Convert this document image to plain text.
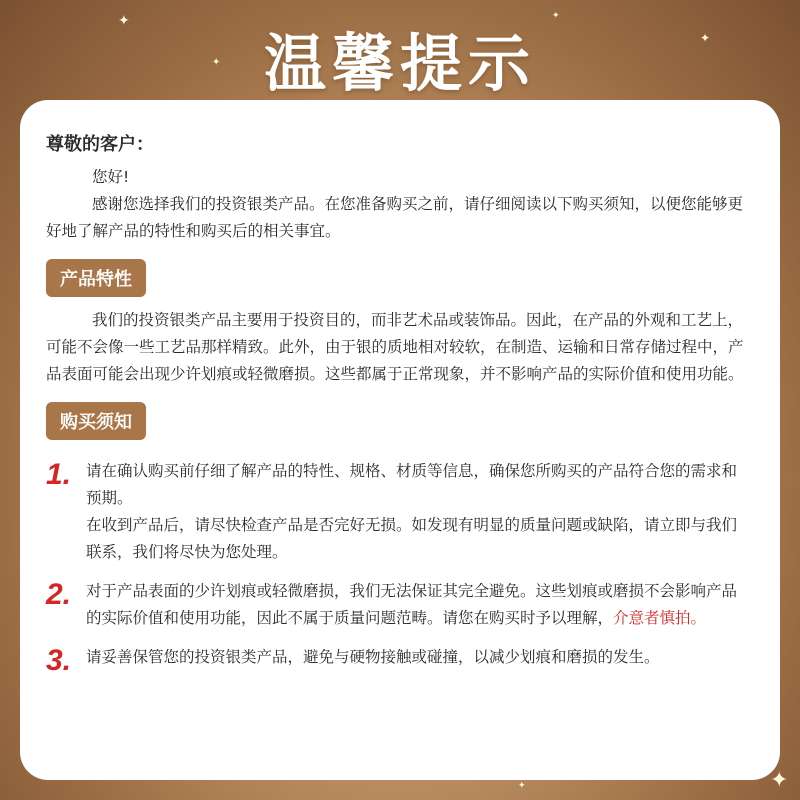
温馨提示
✦
✦
✦
✦
✦
✦

尊敬的客户：

您好!

感谢您选择我们的投资银类产品。在您准备购买之前，请仔细阅读以下购买须知，以便您能够更好地了解产品的特性和购买后的相关事宜。

产品特性

我们的投资银类产品主要用于投资目的，而非艺术品或装饰品。因此，在产品的外观和工艺上，可能不会像一些工艺品那样精致。此外，由于银的质地相对较软，在制造、运输和日常存储过程中，产品表面可能会出现少许划痕或轻微磨损。这些都属于正常现象，并不影响产品的实际价值和使用功能。

购买须知
1. 请在确认购买前仔细了解产品的特性、规格、材质等信息，确保您所购买的产品符合您的需求和预期。

在收到产品后，请尽快检查产品是否完好无损。如发现有明显的质量问题或缺陷，请立即与我们联系，我们将尽快为您处理。

2. 对于产品表面的少许划痕或轻微磨损，我们无法保证其完全避免。这些划痕或磨损不会影响产品的实际价值和使用功能，因此不属于质量问题范畴。请您在购买时予以理解，介意者慎拍。

3. 请妥善保管您的投资银类产品，避免与硬物接触或碰撞，以减少划痕和磨损的发生。
